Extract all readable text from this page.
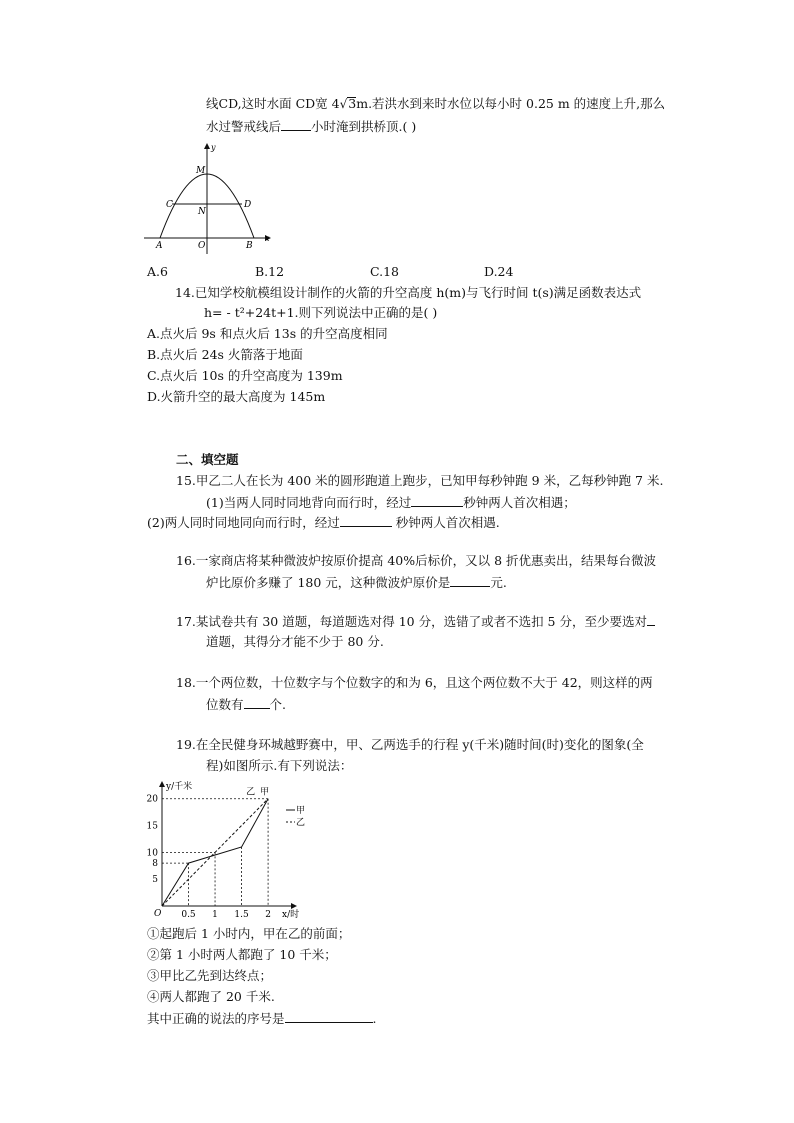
线CD,这时水面 CD宽 4√3m.若洪水到来时水位以每小时 0.25 m 的速度上升,那么
水过警戒线后 小时淹到拱桥顶.( )
y
x
M
C	D
N
A	O	B
A.6	B.12	C.18	D.24
14.已知学校航模组设计制作的火箭的升空高度 h(m)与飞行时间 t(s)满足函数表达式
h= - t²+24t+1.则下列说法中正确的是( )
A.点火后 9s 和点火后 13s 的升空高度相同
B.点火后 24s 火箭落于地面
C.点火后 10s 的升空高度为 139m
D.火箭升空的最大高度为 145m
二、填空题
15.甲乙二人在长为 400 米的圆形跑道上跑步，已知甲每秒钟跑 9 米，乙每秒钟跑 7 米.
(1)当两人同时同地背向而行时，经过	秒钟两人首次相遇；
(2)两人同时同地同向而行时，经过	秒钟两人首次相遇.
16.一家商店将某种微波炉按原价提高 40%后标价，又以 8 折优惠卖出，结果每台微波
炉比原价多赚了 180 元，这种微波炉原价是	元.
17.某试卷共有 30 道题，每道题选对得 10 分，选错了或者不选扣 5 分，至少要选对
道题，其得分才能不少于 80 分.
18.一个两位数，十位数字与个位数字的和为 6，且这个两位数不大于 42，则这样的两
位数有 个.
19.在全民健身环城越野赛中，甲、乙两选手的行程 y(千米)随时间(时)变化的图象(全
程)如图所示.有下列说法：
5
8
10
15
20
0.5 1 1.5 2
O
y/千米
x/时
乙 甲
甲
乙
①起跑后 1 小时内，甲在乙的前面；
②第 1 小时两人都跑了 10 千米；
③甲比乙先到达终点；
④两人都跑了 20 千米.
其中正确的说法的序号是	.
